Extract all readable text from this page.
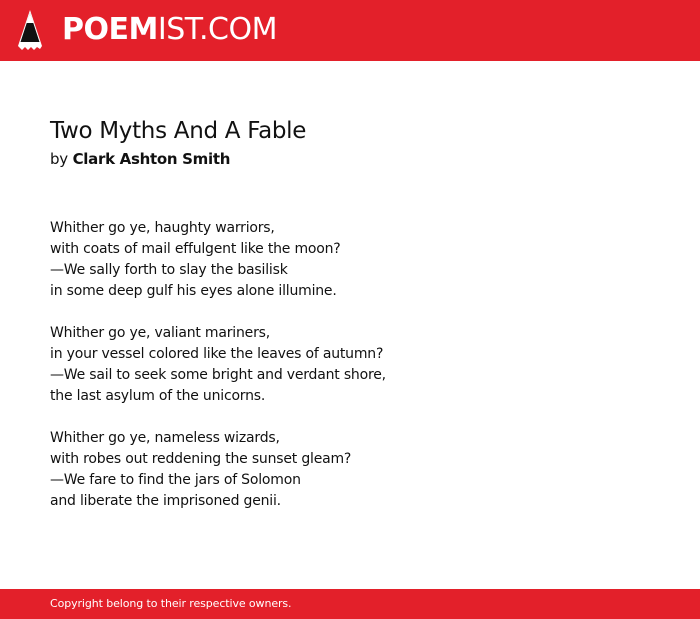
POEMIST.COM
Two Myths And A Fable
by Clark Ashton Smith
Whither go ye, haughty warriors,
with coats of mail effulgent like the moon?
—We sally forth to slay the basilisk
in some deep gulf his eyes alone illumine.
Whither go ye, valiant mariners,
in your vessel colored like the leaves of autumn?
—We sail to seek some bright and verdant shore,
the last asylum of the unicorns.
Whither go ye, nameless wizards,
with robes out reddening the sunset gleam?
—We fare to find the jars of Solomon
and liberate the imprisoned genii.
Copyright belong to their respective owners.
